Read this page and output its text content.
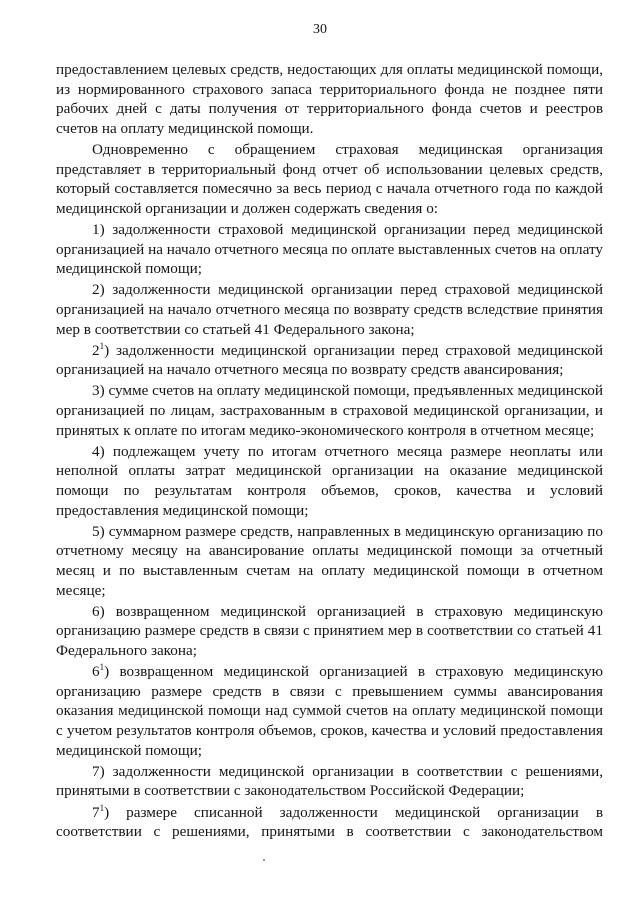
30

предоставлением целевых средств, недостающих для оплаты медицинской помощи, из нормированного страхового запаса территориального фонда не позднее пяти рабочих дней с даты получения от территориального фонда счетов и реестров счетов на оплату медицинской помощи.

Одновременно с обращением страховая медицинская организация представляет в территориальный фонд отчет об использовании целевых средств, который составляется помесячно за весь период с начала отчетного года по каждой медицинской организации и должен содержать сведения о:

1) задолженности страховой медицинской организации перед медицинской организацией на начало отчетного месяца по оплате выставленных счетов на оплату медицинской помощи;

2) задолженности медицинской организации перед страховой медицинской организацией на начало отчетного месяца по возврату средств вследствие принятия мер в соответствии со статьей 41 Федерального закона;

$2^1$) задолженности медицинской организации перед страховой медицинской организацией на начало отчетного месяца по возврату средств авансирования;

3) сумме счетов на оплату медицинской помощи, предъявленных медицинской организацией по лицам, застрахованным в страховой медицинской организации, и принятых к оплате по итогам медико-экономического контроля в отчетном месяце;

4) подлежащем учету по итогам отчетного месяца размере неоплаты или неполной оплаты затрат медицинской организации на оказание медицинской помощи по результатам контроля объемов, сроков, качества и условий предоставления медицинской помощи;

5) суммарном размере средств, направленных в медицинскую организацию по отчетному месяцу на авансирование оплаты медицинской помощи за отчетный месяц и по выставленным счетам на оплату медицинской помощи в отчетном месяце;

6) возвращенном медицинской организацией в страховую медицинскую организацию размере средств в связи с принятием мер в соответствии со статьей 41 Федерального закона;

$6^1$) возвращенном медицинской организацией в страховую медицинскую организацию размере средств в связи с превышением суммы авансирования оказания медицинской помощи над суммой счетов на оплату медицинской помощи с учетом результатов контроля объемов, сроков, качества и условий предоставления медицинской помощи;

7) задолженности медицинской организации в соответствии с решениями, принятыми в соответствии с законодательством Российской Федерации;

$7^1$) размере списанной задолженности медицинской организации в соответствии с решениями, принятыми в соответствии с законодательством
